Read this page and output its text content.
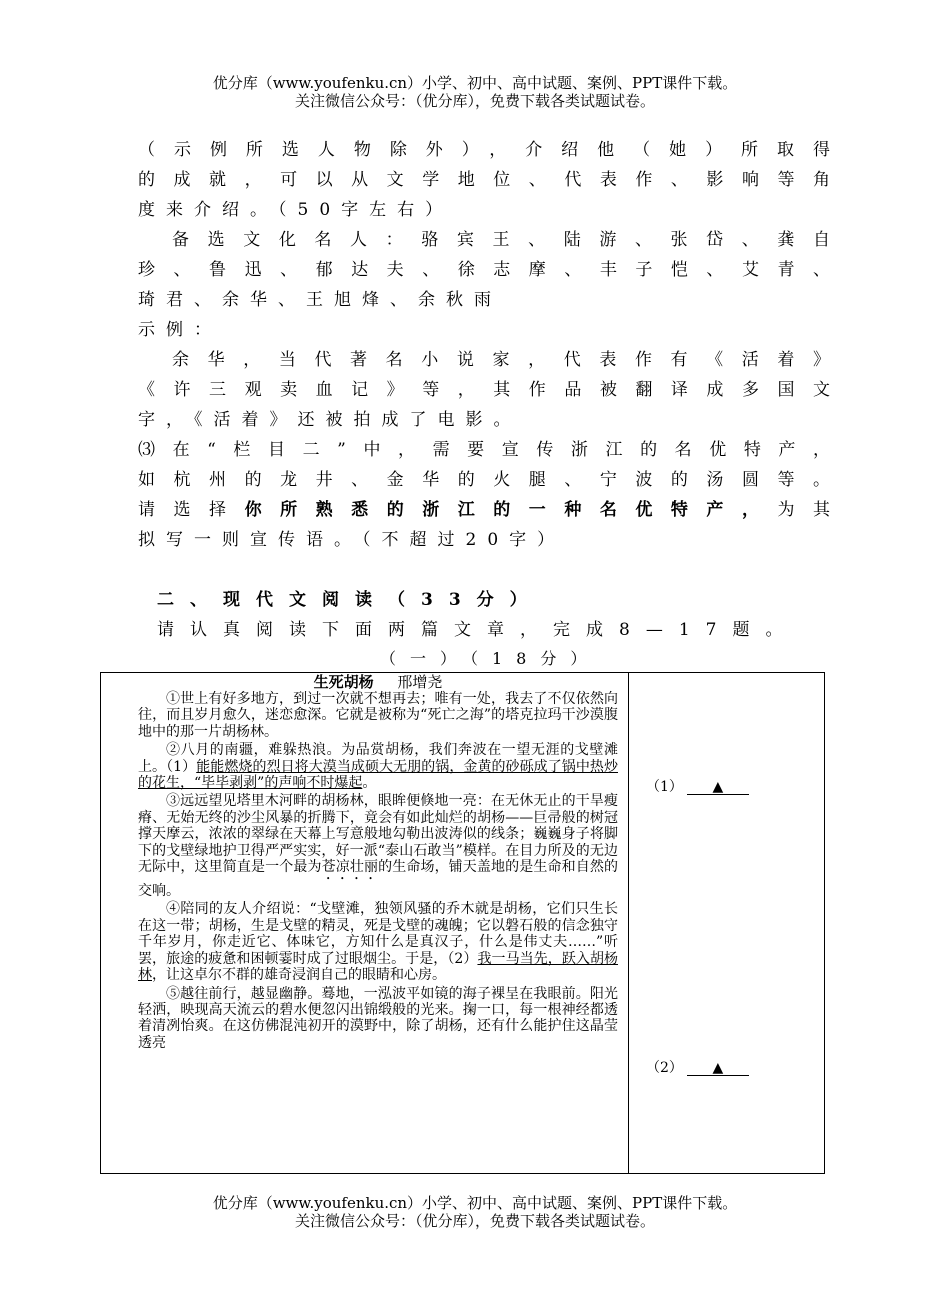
优分库（www.youfenku.cn）小学、初中、高中试题、案例、PPT课件下载。
关注微信公众号：（优分库），免费下载各类试题试卷。
（示例所选人物除外），介绍他（她）所取得
的成就，可以从文学地位、代表作、影响等角
度来介绍。（50字左右）
备选文化名人：骆宾王、陆游、张岱、龚自
珍、鲁迅、郁达夫、徐志摩、丰子恺、艾青、
琦君、余华、王旭烽、余秋雨
示例：
余华，当代著名小说家，代表作有《活着》
《许三观卖血记》等，其作品被翻译成多国文
字，《活着》还被拍成了电影。
⑶在“栏目二”中，需要宣传浙江的名优特产，
如杭州的龙井、金华的火腿、宁波的汤圆等。
请选择你所熟悉的浙江的一种名优特产，为其
拟写一则宣传语。（不超过20字）
二、现代文阅读（33分）
请认真阅读下面两篇文章，完成8—17题。
（一）（18分）

生死胡杨 邢增尧

①世上有好多地方，到过一次就不想再去；唯有一处，我去了不仅依然向往，而且岁月愈久，迷恋愈深。它就是被称为“死亡之海”的塔克拉玛干沙漠腹地中的那一片胡杨林。

②八月的南疆，难躲热浪。为品赏胡杨，我们奔波在一望无涯的戈壁滩上。（1）能能燃烧的烈日将大漠当成硕大无朋的锅，金黄的砂砾成了锅中热炒的花生，“毕毕剥剥”的声响不时爆起。

③远远望见塔里木河畔的胡杨林，眼眸便倏地一亮：在无休无止的干旱瘦瘠、无始无终的沙尘风暴的折腾下，竟会有如此灿烂的胡杨——巨帚般的树冠撑天摩云，浓浓的翠绿在天幕上写意般地勾勒出波涛似的线条；巍巍身子将脚下的戈壁绿地护卫得严严实实，好一派“泰山石敢当”模样。在目力所及的无边无际中，这里简直是一个最为苍凉壮丽的生命场，铺天盖地的是生命和自然的交响。

④陪同的友人介绍说：“戈壁滩，独领风骚的乔木就是胡杨，它们只生长在这一带；胡杨，生是戈壁的精灵，死是戈壁的魂魄；它以磐石般的信念独守千年岁月，你走近它、体味它，方知什么是真汉子，什么是伟丈夫……”听罢，旅途的疲惫和困顿霎时成了过眼烟尘。于是，（2）我一马当先，跃入胡杨林，让这卓尔不群的雄奇浸润自己的眼睛和心房。

⑤越往前行，越显幽静。蓦地，一泓波平如镜的海子裸呈在我眼前。阳光轻洒，映现高天流云的碧水便忽闪出锦缎般的光来。掬一口，每一根神经都透着清冽怡爽。在这仿佛混沌初开的漠野中，除了胡杨，还有什么能护住这晶莹透亮

（1） ▲
（2） ▲
优分库（www.youfenku.cn）小学、初中、高中试题、案例、PPT课件下载。
关注微信公众号：（优分库），免费下载各类试题试卷。
